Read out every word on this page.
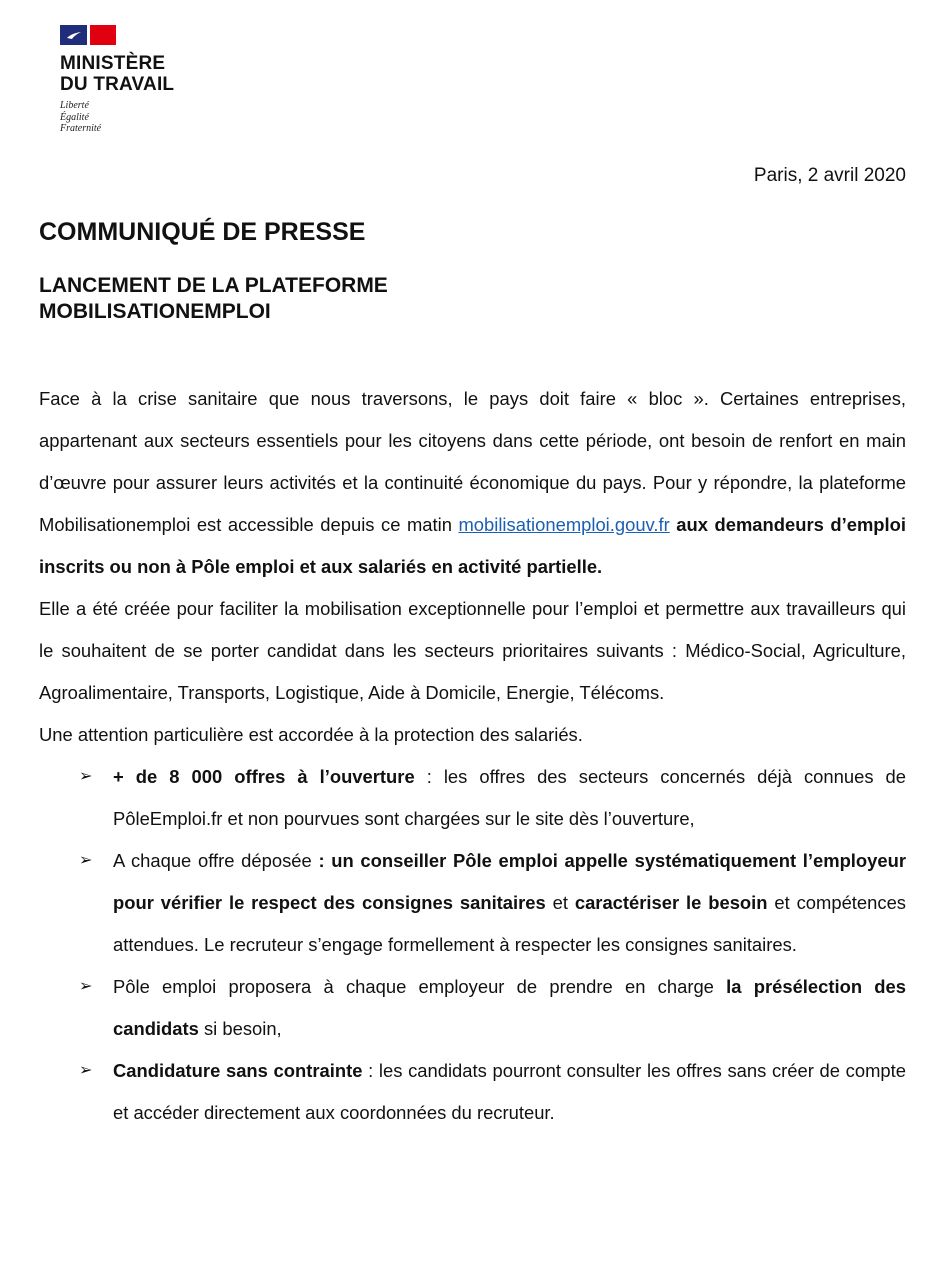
MINISTÈRE
DU TRAVAIL
Liberté
Égalité
Fraternité
Paris, 2 avril 2020
COMMUNIQUÉ DE PRESSE
LANCEMENT DE LA PLATEFORME
MOBILISATIONEMPLOI

Face à la crise sanitaire que nous traversons, le pays doit faire « bloc ». Certaines entreprises, appartenant aux secteurs essentiels pour les citoyens dans cette période, ont besoin de renfort en main d’œuvre pour assurer leurs activités et la continuité économique du pays. Pour y répondre, la plateforme Mobilisationemploi est accessible depuis ce matin mobilisationemploi.gouv.fr aux demandeurs d’emploi inscrits ou non à Pôle emploi et aux salariés en activité partielle.

Elle a été créée pour faciliter la mobilisation exceptionnelle pour l’emploi et permettre aux travailleurs qui le souhaitent de se porter candidat dans les secteurs prioritaires suivants : Médico-Social, Agriculture, Agroalimentaire, Transports, Logistique, Aide à Domicile, Energie, Télécoms.

Une attention particulière est accordée à la protection des salariés.

➢ + de 8 000 offres à l’ouverture : les offres des secteurs concernés déjà connues de PôleEmploi.fr et non pourvues sont chargées sur le site dès l’ouverture,
➢ A chaque offre déposée : un conseiller Pôle emploi appelle systématiquement l’employeur pour vérifier le respect des consignes sanitaires et caractériser le besoin et compétences attendues. Le recruteur s’engage formellement à respecter les consignes sanitaires.
➢ Pôle emploi proposera à chaque employeur de prendre en charge la présélection des candidats si besoin,
➢ Candidature sans contrainte : les candidats pourront consulter les offres sans créer de compte et accéder directement aux coordonnées du recruteur.
